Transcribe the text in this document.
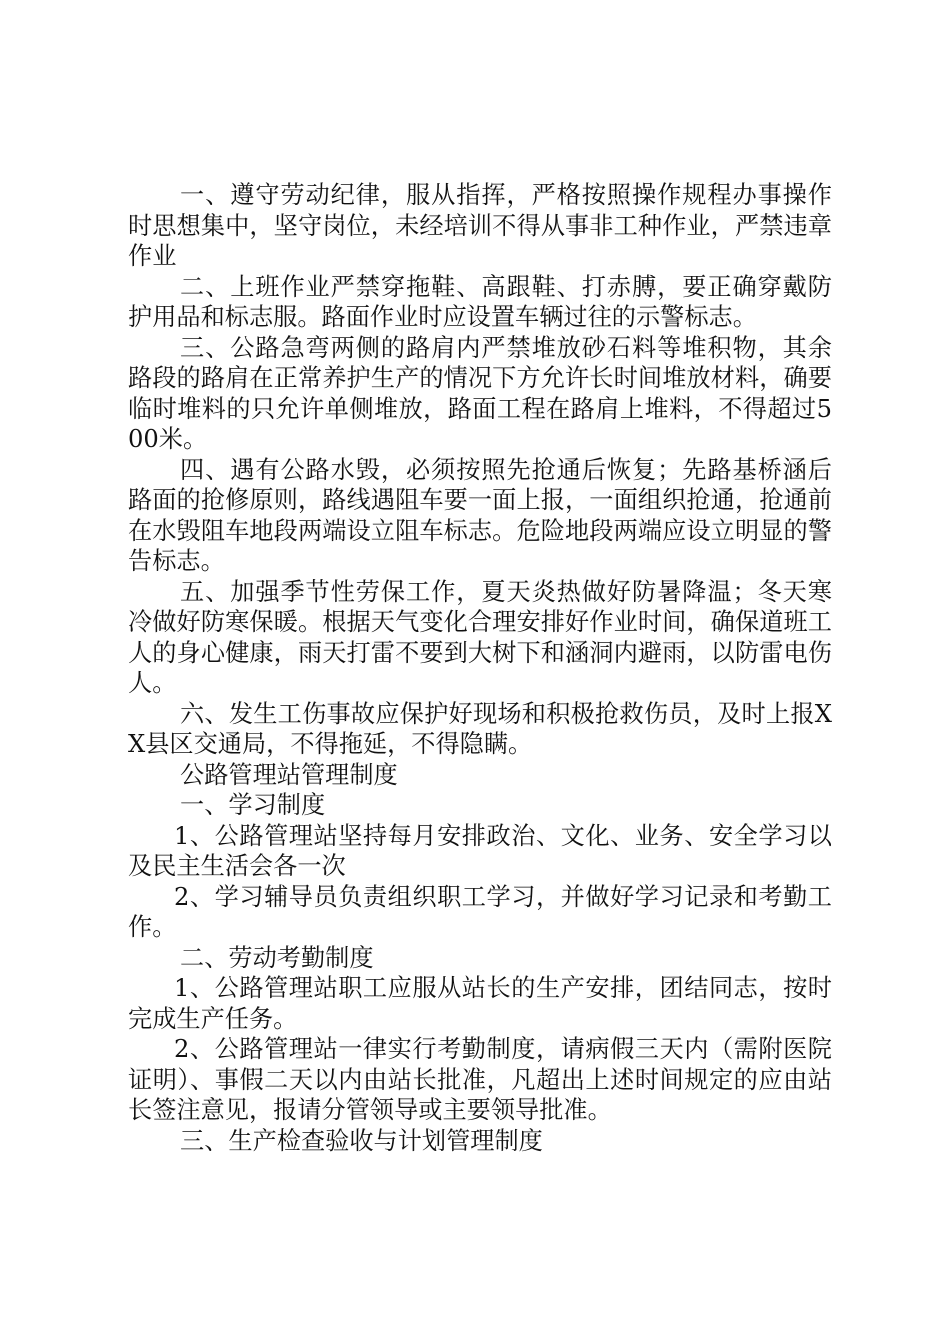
一、遵守劳动纪律，服从指挥，严格按照操作规程办事操作时思想集中，坚守岗位，未经培训不得从事非工种作业，严禁违章作业

二、上班作业严禁穿拖鞋、高跟鞋、打赤膊，要正确穿戴防护用品和标志服。路面作业时应设置车辆过往的示警标志。

三、公路急弯两侧的路肩内严禁堆放砂石料等堆积物，其余路段的路肩在正常养护生产的情况下方允许长时间堆放材料，确要临时堆料的只允许单侧堆放，路面工程在路肩上堆料，不得超过500米。

四、遇有公路水毁，必须按照先抢通后恢复；先路基桥涵后路面的抢修原则，路线遇阻车要一面上报，一面组织抢通，抢通前在水毁阻车地段两端设立阻车标志。危险地段两端应设立明显的警告标志。

五、加强季节性劳保工作，夏天炎热做好防暑降温；冬天寒冷做好防寒保暖。根据天气变化合理安排好作业时间，确保道班工人的身心健康，雨天打雷不要到大树下和涵洞内避雨，以防雷电伤人。

六、发生工伤事故应保护好现场和积极抢救伤员，及时上报XX县区交通局，不得拖延，不得隐瞒。

公路管理站管理制度

一、学习制度

1、公路管理站坚持每月安排政治、文化、业务、安全学习以及民主生活会各一次

2、学习辅导员负责组织职工学习，并做好学习记录和考勤工作。

二、劳动考勤制度

1、公路管理站职工应服从站长的生产安排，团结同志，按时完成生产任务。

2、公路管理站一律实行考勤制度，请病假三天内（需附医院证明）、事假二天以内由站长批准，凡超出上述时间规定的应由站长签注意见，报请分管领导或主要领导批准。

三、生产检查验收与计划管理制度
